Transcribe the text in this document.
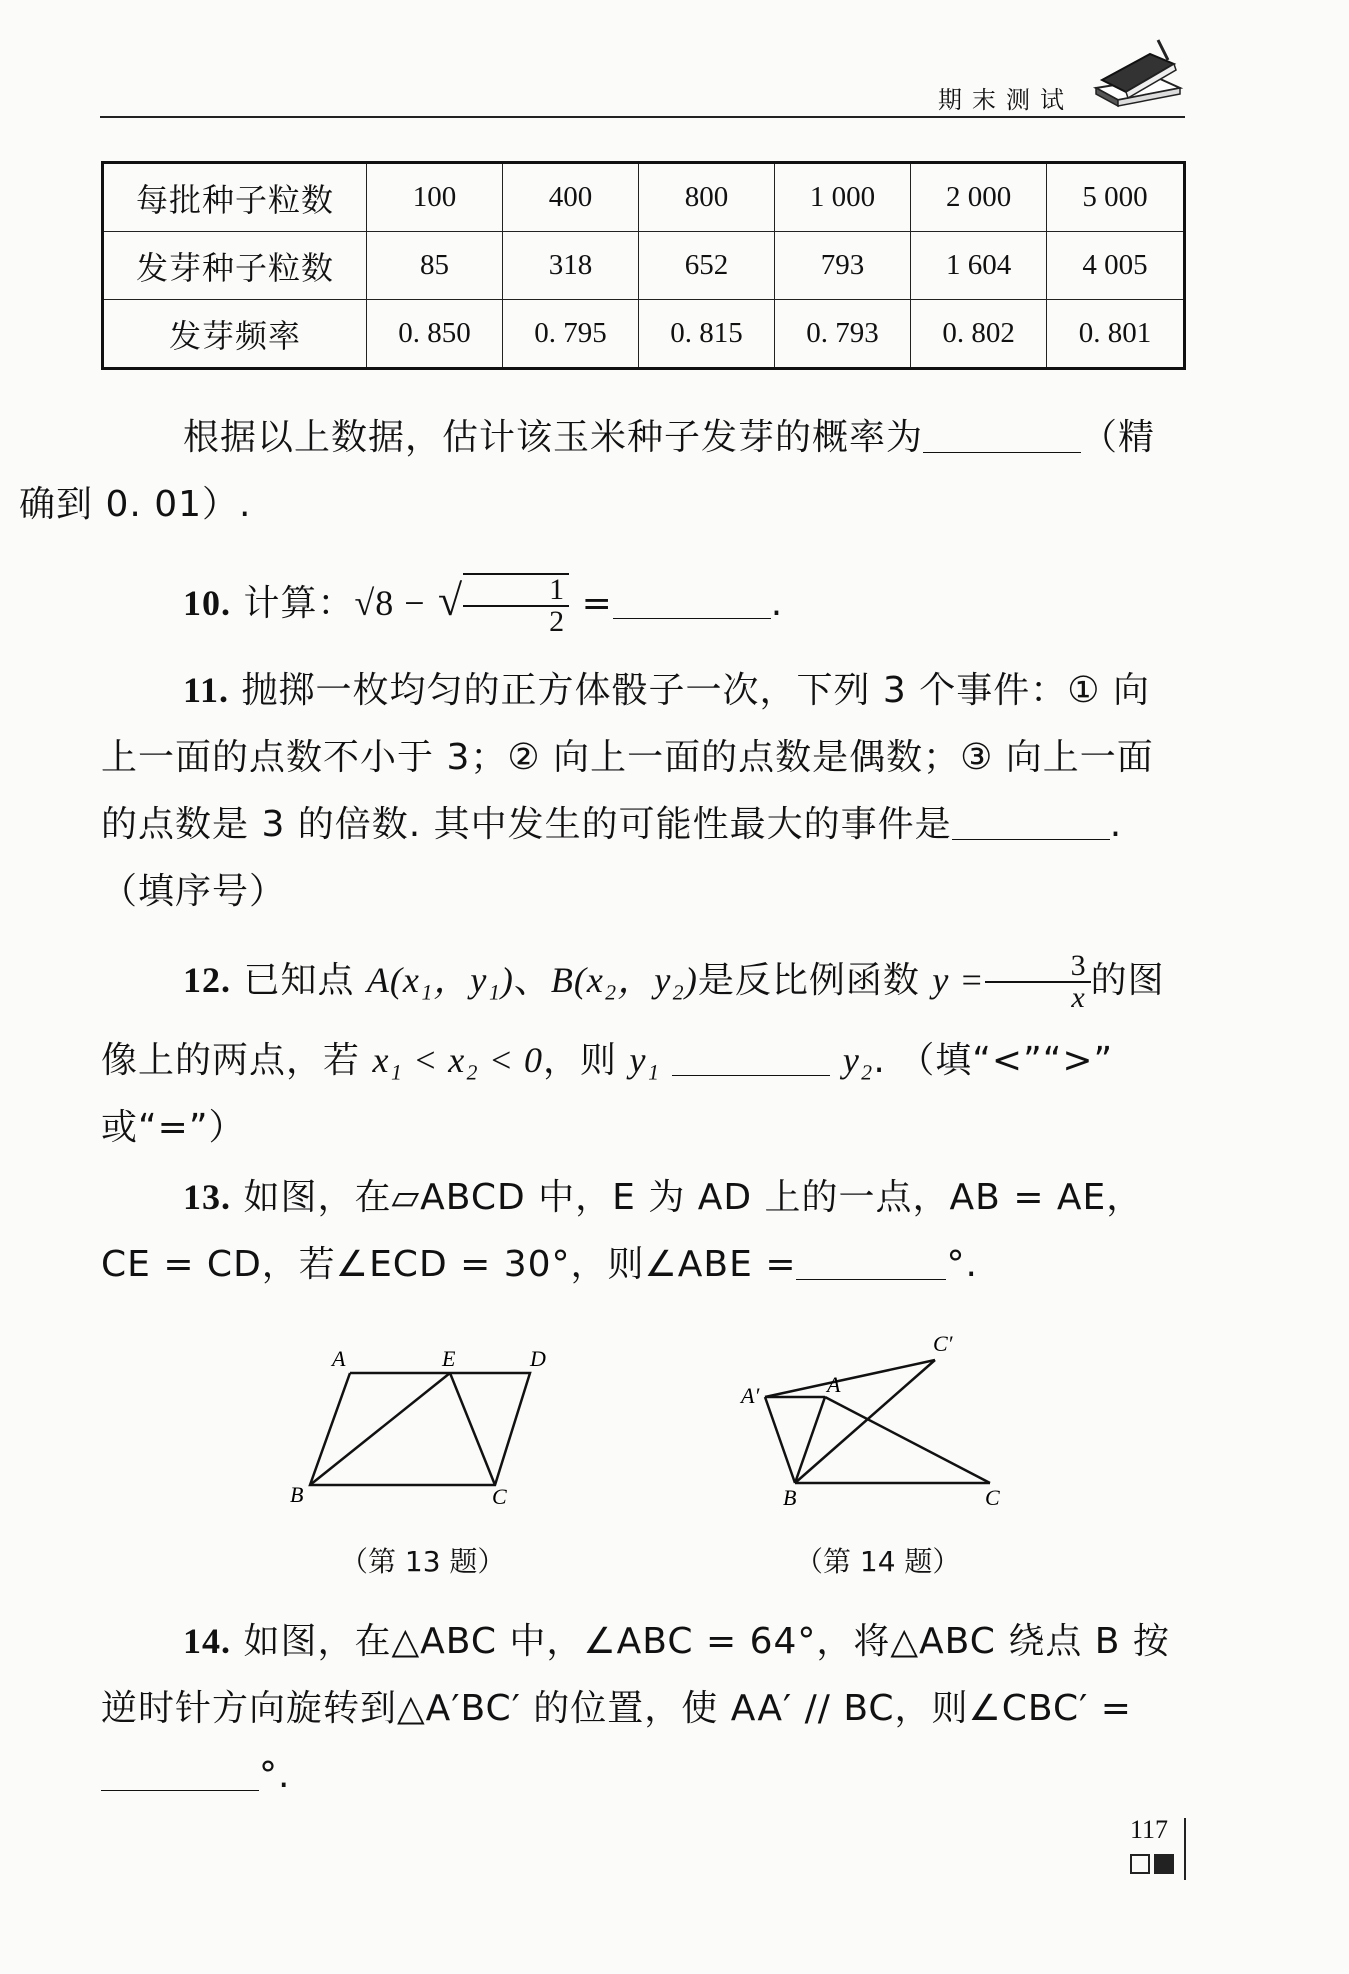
期末测试
每批种子粒数	100	400	800	1 000	2 000	5 000
发芽种子粒数	85	318	652	793	1 604	4 005
发芽频率	0. 850	0. 795	0. 815	0. 793	0. 802	0. 801
根据以上数据，估计该玉米种子发芽的概率为	（精
确到 0. 01）.
10. 计算：√8 − √ $\frac{1}{2}$ =	.
11. 抛掷一枚均匀的正方体骰子一次，下列 3 个事件：① 向
上一面的点数不小于 3；② 向上一面的点数是偶数；③ 向上一面
的点数是 3 的倍数. 其中发生的可能性最大的事件是	.
（填序号）
12. 已知点 A(x₁，y₁)、B(x₂，y₂)是反比例函数 $y = \frac{3}{x}$ 的图
像上的两点，若 x₁ < x₂ < 0，则 y₁	y₂. （填“<”“>”
或“=”）
13. 如图，在▱ABCD 中，E 为 AD 上的一点，AB = AE，
CE = CD，若∠ECD = 30°，则∠ABE =	°.
A	E	D
B	C
（第 13 题）
C′
A′	A
B	C
（第 14 题）
14. 如图，在△ABC 中，∠ABC = 64°，将△ABC 绕点 B 按
逆时针方向旋转到△A′BC′ 的位置，使 AA′ // BC，则∠CBC′ =
°.
117
